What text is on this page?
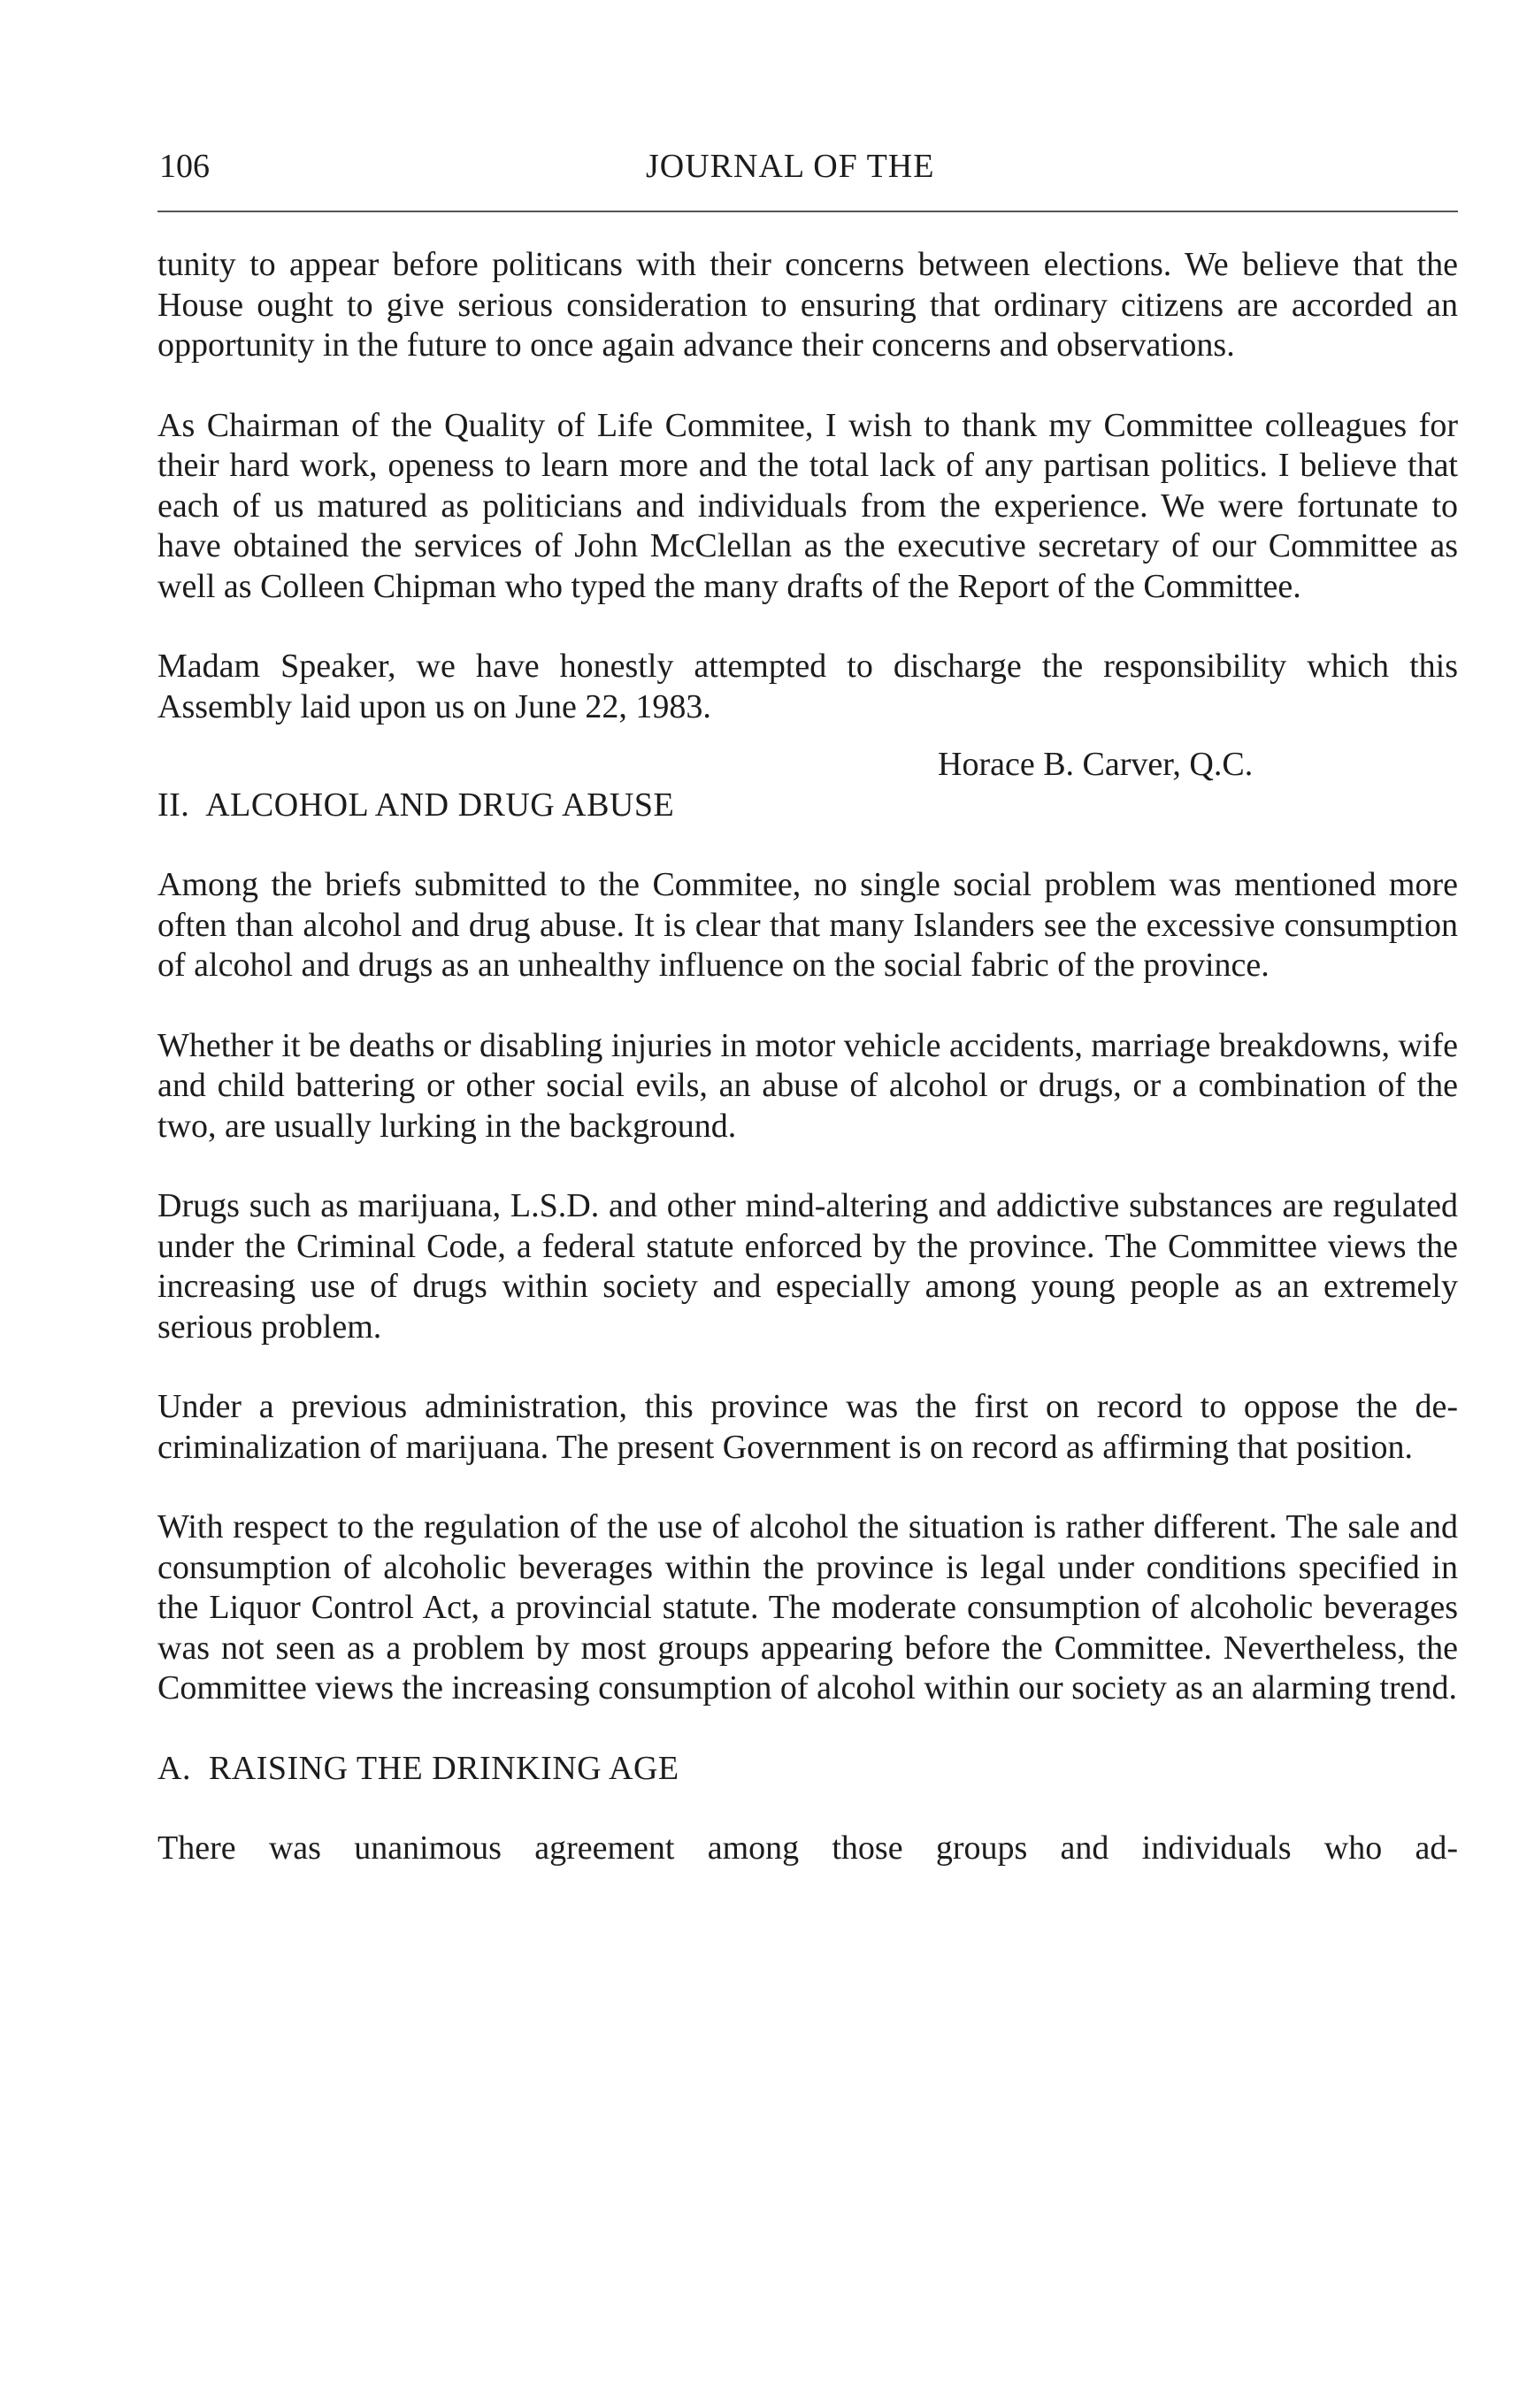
106	JOURNAL OF THE

tunity to appear before politicans with their concerns between elections. We believe that the House ought to give serious consideration to ensuring that ordinary citizens are accorded an opportunity in the future to once again advance their concerns and observations.

As Chairman of the Quality of Life Commitee, I wish to thank my Committee colleagues for their hard work, openess to learn more and the total lack of any partisan politics. I believe that each of us matured as politicians and individuals from the experience. We were fortunate to have obtained the services of John McClellan as the executive secretary of our Committee as well as Colleen Chipman who typed the many drafts of the Report of the Committee.

Madam Speaker, we have honestly attempted to discharge the responsibility which this Assembly laid upon us on June 22, 1983.

Horace B. Carver, Q.C.

II.  ALCOHOL AND DRUG ABUSE

Among the briefs submitted to the Commitee, no single social problem was mentioned more often than alcohol and drug abuse. It is clear that many Islanders see the excessive consumption of alcohol and drugs as an unhealthy influence on the social fabric of the province.

Whether it be deaths or disabling injuries in motor vehicle accidents, marriage breakdowns, wife and child battering or other social evils, an abuse of alcohol or drugs, or a combination of the two, are usually lurking in the background.

Drugs such as marijuana, L.S.D. and other mind-altering and addictive substances are regulated under the Criminal Code, a federal statute enforced by the province. The Committee views the increasing use of drugs within society and especially among young people as an extremely serious problem.

Under a previous administration, this province was the first on record to oppose the de-criminalization of marijuana. The present Government is on record as affirming that position.

With respect to the regulation of the use of alcohol the situation is rather different. The sale and consumption of alcoholic beverages within the province is legal under conditions specified in the Liquor Control Act, a provincial statute. The moderate consumption of alcoholic beverages was not seen as a problem by most groups appearing before the Committee. Nevertheless, the Committee views the increasing consumption of alcohol within our society as an alarming trend.

A.  RAISING THE DRINKING AGE

There was unanimous agreement among those groups and individuals who ad-
